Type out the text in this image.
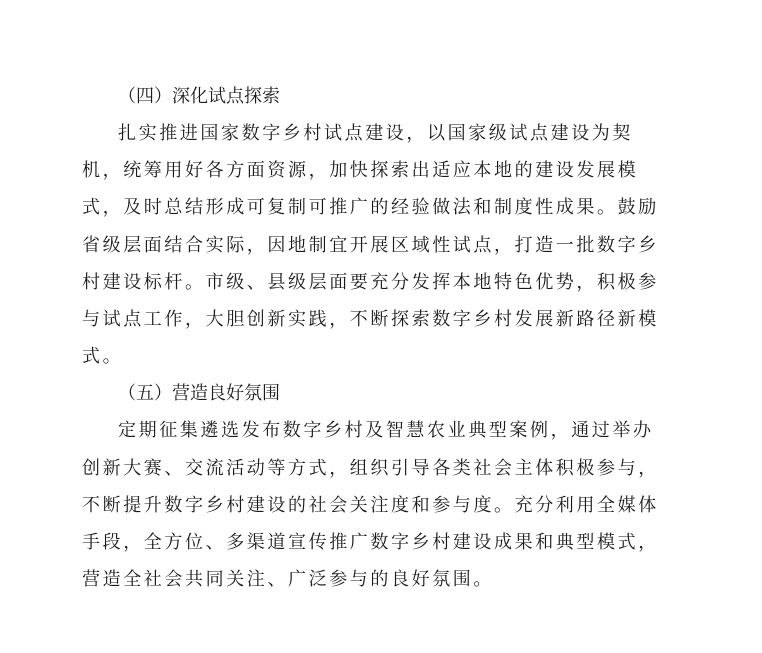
（四）深化试点探索
扎实推进国家数字乡村试点建设，以国家级试点建设为契
机，统筹用好各方面资源，加快探索出适应本地的建设发展模
式，及时总结形成可复制可推广的经验做法和制度性成果。鼓励
省级层面结合实际，因地制宜开展区域性试点，打造一批数字乡
村建设标杆。市级、县级层面要充分发挥本地特色优势，积极参
与试点工作，大胆创新实践，不断探索数字乡村发展新路径新模
式。
（五）营造良好氛围
定期征集遴选发布数字乡村及智慧农业典型案例，通过举办
创新大赛、交流活动等方式，组织引导各类社会主体积极参与，
不断提升数字乡村建设的社会关注度和参与度。充分利用全媒体
手段，全方位、多渠道宣传推广数字乡村建设成果和典型模式，
营造全社会共同关注、广泛参与的良好氛围。
